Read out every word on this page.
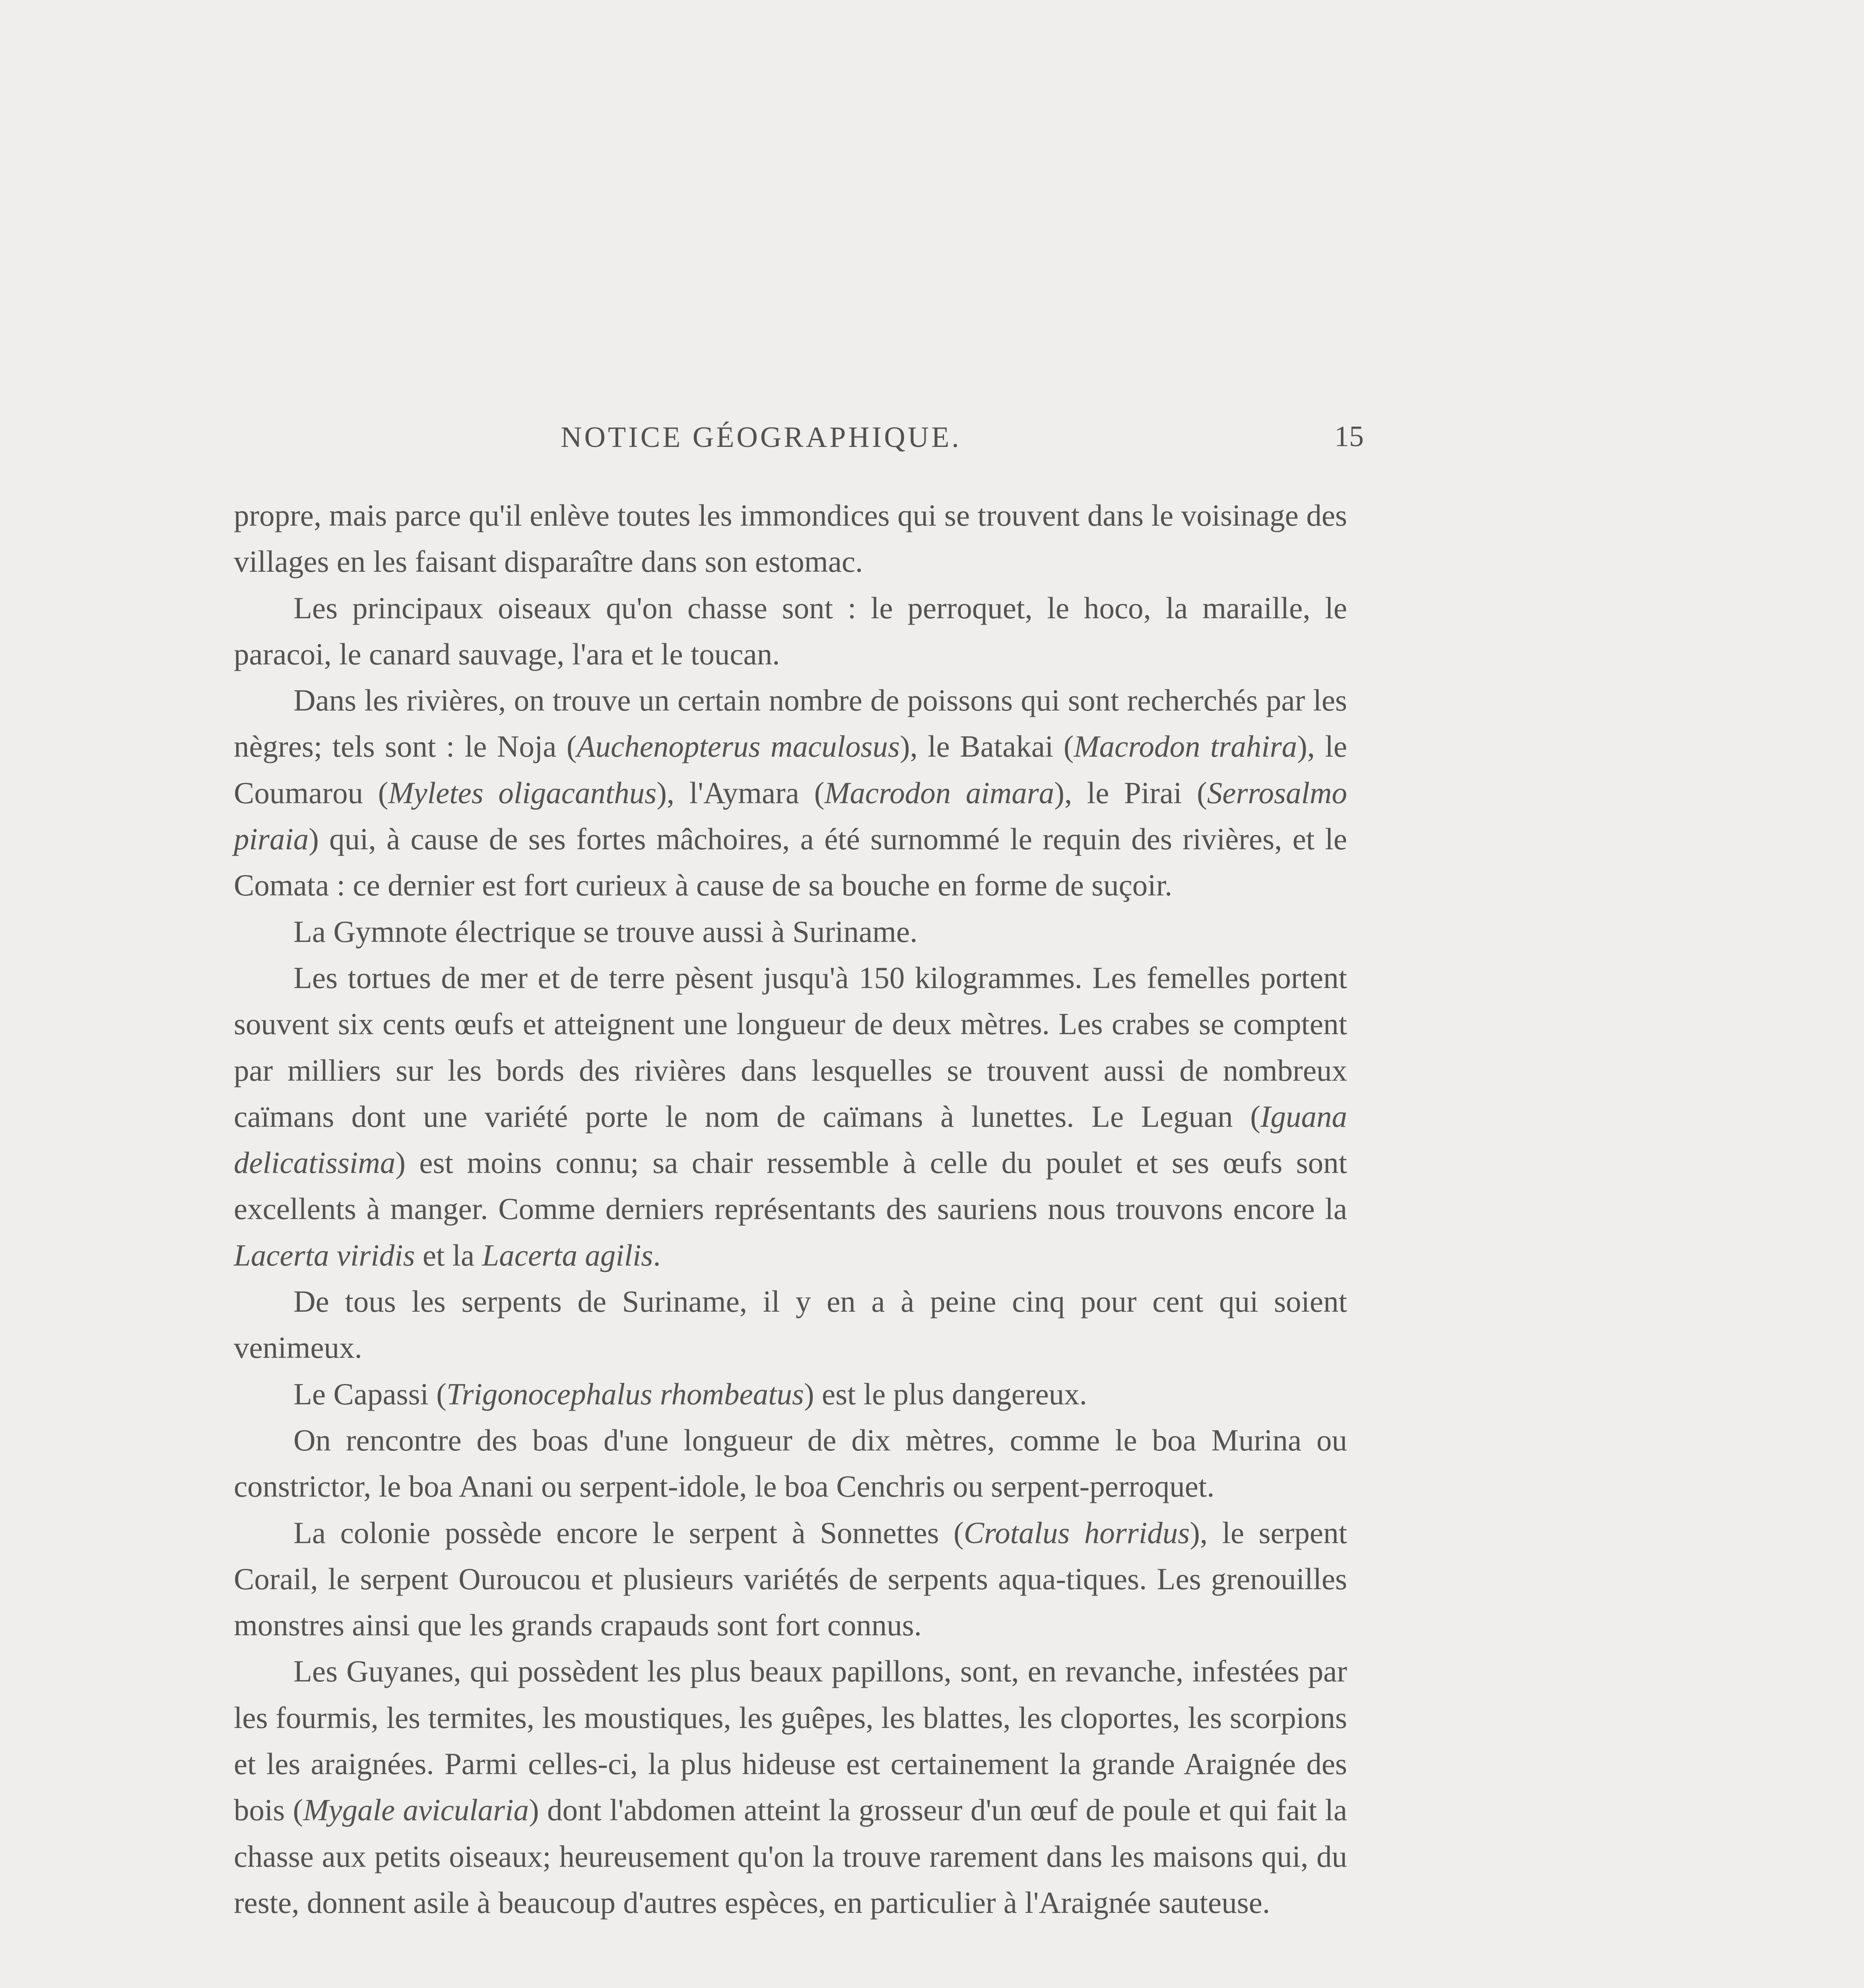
NOTICE GÉOGRAPHIQUE.	15

propre, mais parce qu'il enlève toutes les immondices qui se trouvent dans le voisinage des villages en les faisant disparaître dans son estomac.

Les principaux oiseaux qu'on chasse sont : le perroquet, le hoco, la maraille, le paracoi, le canard sauvage, l'ara et le toucan.

Dans les rivières, on trouve un certain nombre de poissons qui sont recherchés par les nègres; tels sont : le Noja (Auchenopterus maculosus), le Batakai (Macrodon trahira), le Coumarou (Myletes oligacanthus), l'Aymara (Macrodon aimara), le Pirai (Serrosalmo piraia) qui, à cause de ses fortes mâchoires, a été surnommé le requin des rivières, et le Comata : ce dernier est fort curieux à cause de sa bouche en forme de suçoir.

La Gymnote électrique se trouve aussi à Suriname.

Les tortues de mer et de terre pèsent jusqu'à 150 kilogrammes. Les femelles portent souvent six cents œufs et atteignent une longueur de deux mètres. Les crabes se comptent par milliers sur les bords des rivières dans lesquelles se trouvent aussi de nombreux caïmans dont une variété porte le nom de caïmans à lunettes. Le Leguan (Iguana delicatissima) est moins connu; sa chair ressemble à celle du poulet et ses œufs sont excellents à manger. Comme derniers représentants des sauriens nous trouvons encore la Lacerta viridis et la Lacerta agilis.

De tous les serpents de Suriname, il y en a à peine cinq pour cent qui soient venimeux.

Le Capassi (Trigonocephalus rhombeatus) est le plus dangereux.

On rencontre des boas d'une longueur de dix mètres, comme le boa Murina ou constrictor, le boa Anani ou serpent-idole, le boa Cenchris ou serpent-perroquet.

La colonie possède encore le serpent à Sonnettes (Crotalus horridus), le serpent Corail, le serpent Ouroucou et plusieurs variétés de serpents aqua-tiques. Les grenouilles monstres ainsi que les grands crapauds sont fort connus.

Les Guyanes, qui possèdent les plus beaux papillons, sont, en revanche, infestées par les fourmis, les termites, les moustiques, les guêpes, les blattes, les cloportes, les scorpions et les araignées. Parmi celles-ci, la plus hideuse est certainement la grande Araignée des bois (Mygale avicularia) dont l'abdomen atteint la grosseur d'un œuf de poule et qui fait la chasse aux petits oiseaux; heureusement qu'on la trouve rarement dans les maisons qui, du reste, donnent asile à beaucoup d'autres espèces, en particulier à l'Araignée sauteuse.
